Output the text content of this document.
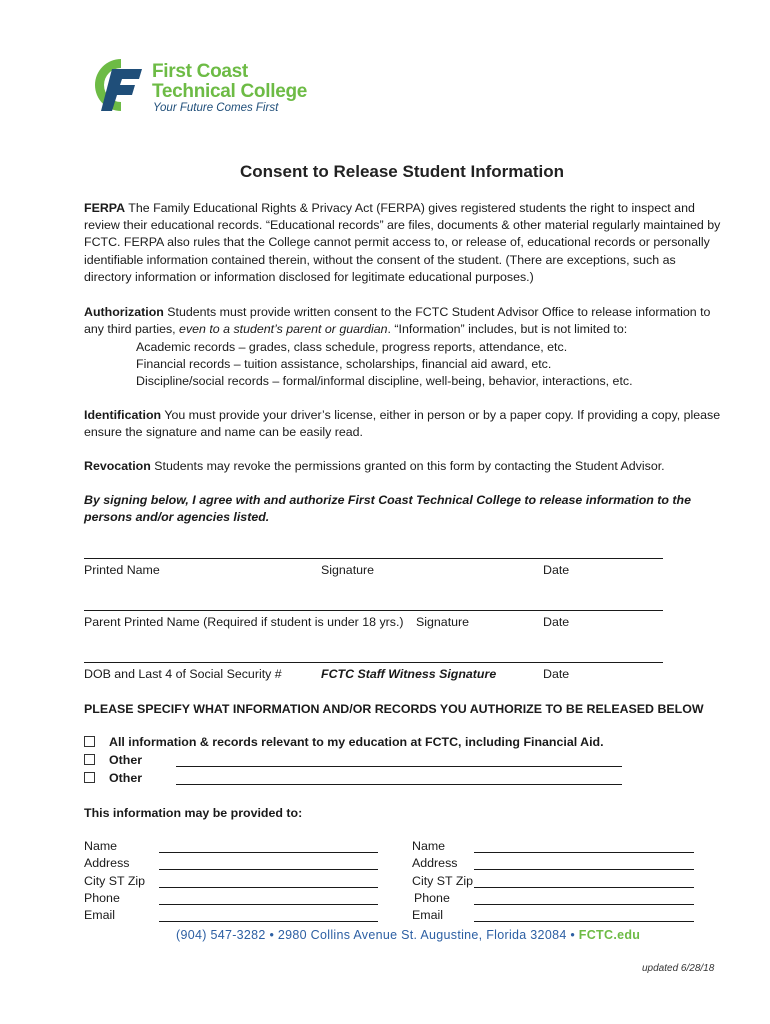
First Coast
Technical College
Your Future Comes First
Consent to Release Student Information
FERPA The Family Educational Rights & Privacy Act (FERPA) gives registered students the right to inspect and review their educational records. “Educational records” are files, documents & other material regularly maintained by FCTC. FERPA also rules that the College cannot permit access to, or release of, educational records or personally identifiable information contained therein, without the consent of the student. (There are exceptions, such as directory information or information disclosed for legitimate educational purposes.)
Authorization Students must provide written consent to the FCTC Student Advisor Office to release information to any third parties, even to a student’s parent or guardian. “Information” includes, but is not limited to:
Academic records – grades, class schedule, progress reports, attendance, etc.
Financial records – tuition assistance, scholarships, financial aid award, etc.
Discipline/social records – formal/informal discipline, well-being, behavior, interactions, etc.
Identification You must provide your driver’s license, either in person or by a paper copy. If providing a copy, please ensure the signature and name can be easily read.
Revocation Students may revoke the permissions granted on this form by contacting the Student Advisor.
By signing below, I agree with and authorize First Coast Technical College to release information to the persons and/or agencies listed.
Printed Name	Signature	Date
Parent Printed Name (Required if student is under 18 yrs.) Signature	Date
DOB and Last 4 of Social Security #	FCTC Staff Witness Signature	Date
PLEASE SPECIFY WHAT INFORMATION AND/OR RECORDS YOU AUTHORIZE TO BE RELEASED BELOW
All information & records relevant to my education at FCTC, including Financial Aid.
Other
Other
This information may be provided to:
Name
Address
City ST Zip
Phone
Email
Name
Address
City ST Zip
Phone
Email
(904) 547-3282 • 2980 Collins Avenue St. Augustine, Florida 32084 • FCTC.edu
updated 6/28/18
